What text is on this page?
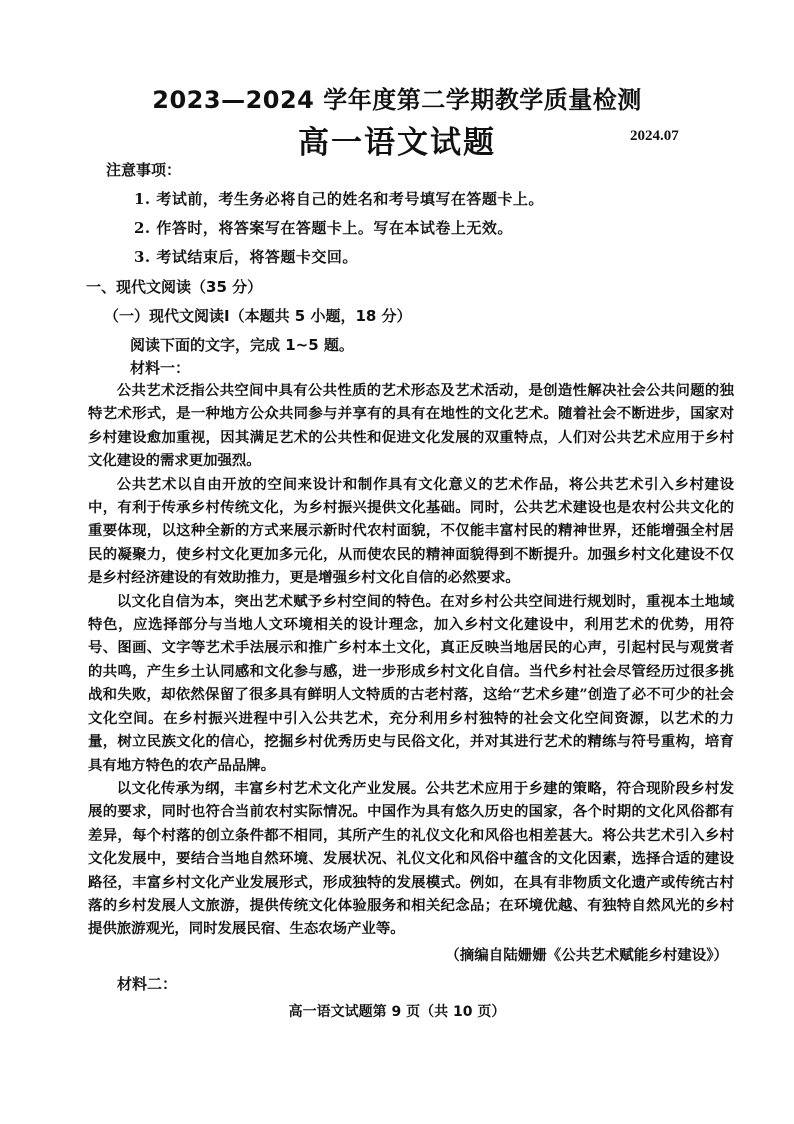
2023—2024 学年度第二学期教学质量检测
高一语文试题	2024.07
注意事项：
1. 考试前，考生务必将自己的姓名和考号填写在答题卡上。
2. 作答时，将答案写在答题卡上。写在本试卷上无效。
3. 考试结束后，将答题卡交回。
一、现代文阅读（35 分）
（一）现代文阅读Ⅰ（本题共 5 小题，18 分）
阅读下面的文字，完成 1~5 题。
材料一：

公共艺术泛指公共空间中具有公共性质的艺术形态及艺术活动，是创造性解决社会公共问题的独特艺术形式，是一种地方公众共同参与并享有的具有在地性的文化艺术。随着社会不断进步，国家对乡村建设愈加重视，因其满足艺术的公共性和促进文化发展的双重特点，人们对公共艺术应用于乡村文化建设的需求更加强烈。

公共艺术以自由开放的空间来设计和制作具有文化意义的艺术作品，将公共艺术引入乡村建设中，有利于传承乡村传统文化，为乡村振兴提供文化基础。同时，公共艺术建设也是农村公共文化的重要体现，以这种全新的方式来展示新时代农村面貌，不仅能丰富村民的精神世界，还能增强全村居民的凝聚力，使乡村文化更加多元化，从而使农民的精神面貌得到不断提升。加强乡村文化建设不仅是乡村经济建设的有效助推力，更是增强乡村文化自信的必然要求。

以文化自信为本，突出艺术赋予乡村空间的特色。在对乡村公共空间进行规划时，重视本土地域特色，应选择部分与当地人文环境相关的设计理念，加入乡村文化建设中，利用艺术的优势，用符号、图画、文字等艺术手法展示和推广乡村本土文化，真正反映当地居民的心声，引起村民与观赏者的共鸣，产生乡土认同感和文化参与感，进一步形成乡村文化自信。当代乡村社会尽管经历过很多挑战和失败，却依然保留了很多具有鲜明人文特质的古老村落，这给“艺术乡建”创造了必不可少的社会文化空间。在乡村振兴进程中引入公共艺术，充分利用乡村独特的社会文化空间资源，以艺术的力量，树立民族文化的信心，挖掘乡村优秀历史与民俗文化，并对其进行艺术的精练与符号重构，培育具有地方特色的农产品品牌。

以文化传承为纲，丰富乡村艺术文化产业发展。公共艺术应用于乡建的策略，符合现阶段乡村发展的要求，同时也符合当前农村实际情况。中国作为具有悠久历史的国家，各个时期的文化风俗都有差异，每个村落的创立条件都不相同，其所产生的礼仪文化和风俗也相差甚大。将公共艺术引入乡村文化发展中，要结合当地自然环境、发展状况、礼仪文化和风俗中蕴含的文化因素，选择合适的建设路径，丰富乡村文化产业发展形式，形成独特的发展模式。例如，在具有非物质文化遗产或传统古村落的乡村发展人文旅游，提供传统文化体验服务和相关纪念品；在环境优越、有独特自然风光的乡村提供旅游观光，同时发展民宿、生态农场产业等。

（摘编自陆姗姗《公共艺术赋能乡村建设》）
材料二：
高一语文试题第 9 页（共 10 页）
